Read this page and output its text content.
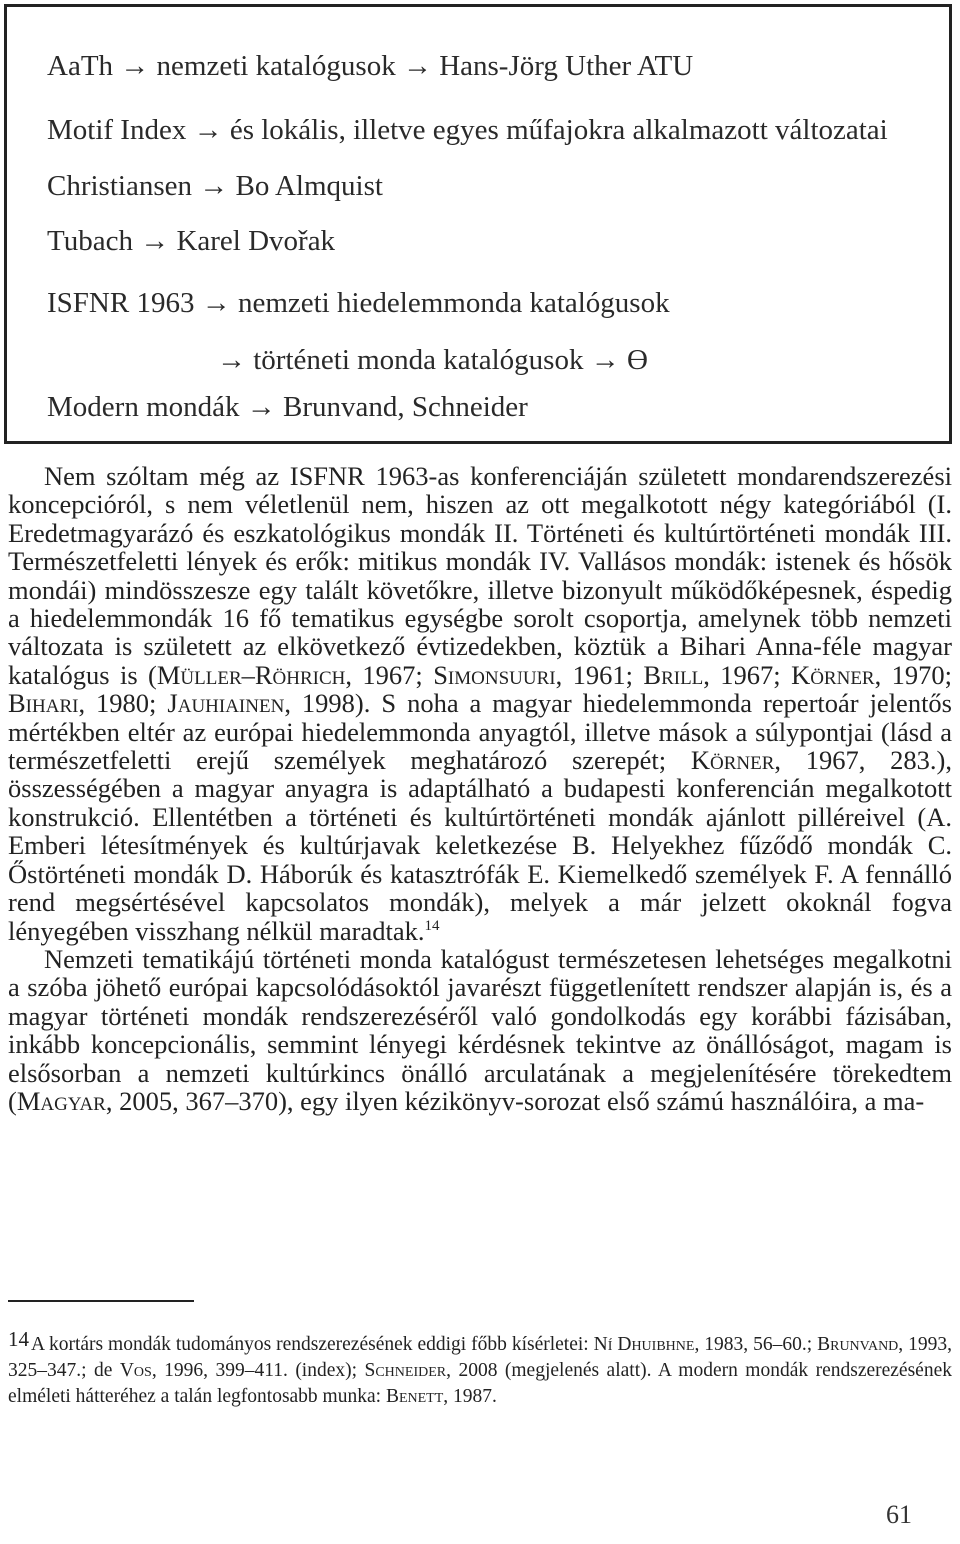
AaTh → nemzeti katalógusok → Hans-Jörg Uther ATU
Motif Index → és lokális, illetve egyes műfajokra alkalmazott változatai
Christiansen → Bo Almquist
Tubach → Karel Dvořak
ISFNR 1963 → nemzeti hiedelemmonda katalógusok
→ történeti monda katalógusok → Ө
Modern mondák → Brunvand, Schneider

Nem szóltam még az ISFNR 1963-as konferenciáján született mondarendszerezési koncepcióról, s nem véletlenül nem, hiszen az ott megalkotott négy kategóriából (I. Eredetmagyarázó és eszkatológikus mondák II. Történeti és kultúrtörténeti mondák III. Természetfeletti lények és erők: mitikus mondák IV. Vallásos mondák: istenek és hősök mondái) mindösszesze egy talált követőkre, illetve bizonyult működőképesnek, éspedig a hiedelemmondák 16 fő tematikus egységbe sorolt csoportja, amelynek több nemzeti változata is született az elkövetkező évtizedekben, köztük a Bihari Anna-féle magyar katalógus is (Müller–Röhrich, 1967; Simonsuuri, 1961; Brill, 1967; Körner, 1970; Bihari, 1980; Jauhiainen, 1998). S noha a magyar hiedelemmonda repertoár jelentős mértékben eltér az európai hiedelemmonda anyagtól, illetve mások a súlypontjai (lásd a természetfeletti erejű személyek meghatározó szerepét; Körner, 1967, 283.), összességében a magyar anyagra is adaptálható a budapesti konferencián megalkotott konstrukció. Ellentétben a történeti és kultúrtörténeti mondák ajánlott pilléreivel (A. Emberi létesítmények és kultúrjavak keletkezése B. Helyekhez fűződő mondák C. Őstörténeti mondák D. Háborúk és katasztrófák E. Kiemelkedő személyek F. A fennálló rend megsértésével kapcsolatos mondák), melyek a már jelzett okoknál fogva lényegében visszhang nélkül maradtak.$^{14}$

Nemzeti tematikájú történeti monda katalógust természetesen lehetséges megalkotni a szóba jöhető európai kapcsolódásoktól javarészt függetlenített rendszer alapján is, és a magyar történeti mondák rendszerezéséről való gondolkodás egy korábbi fázisában, inkább koncepcionális, semmint lényegi kérdésnek tekintve az önállóságot, magam is elsősorban a nemzeti kultúrkincs önálló arculatának a megjelenítésére törekedtem (Magyar, 2005, 367–370), egy ilyen kézikönyv-sorozat első számú használóira, a ma-

14 A kortárs mondák tudományos rendszerezésének eddigi főbb kísérletei: Ní Dhuibhne, 1983, 56–60.; Brunvand, 1993, 325–347.; de Vos, 1996, 399–411. (index); Schneider, 2008 (megjelenés alatt). A modern mondák rendszerezésének elméleti hátteréhez a talán legfontosabb munka: Benett, 1987.
61
